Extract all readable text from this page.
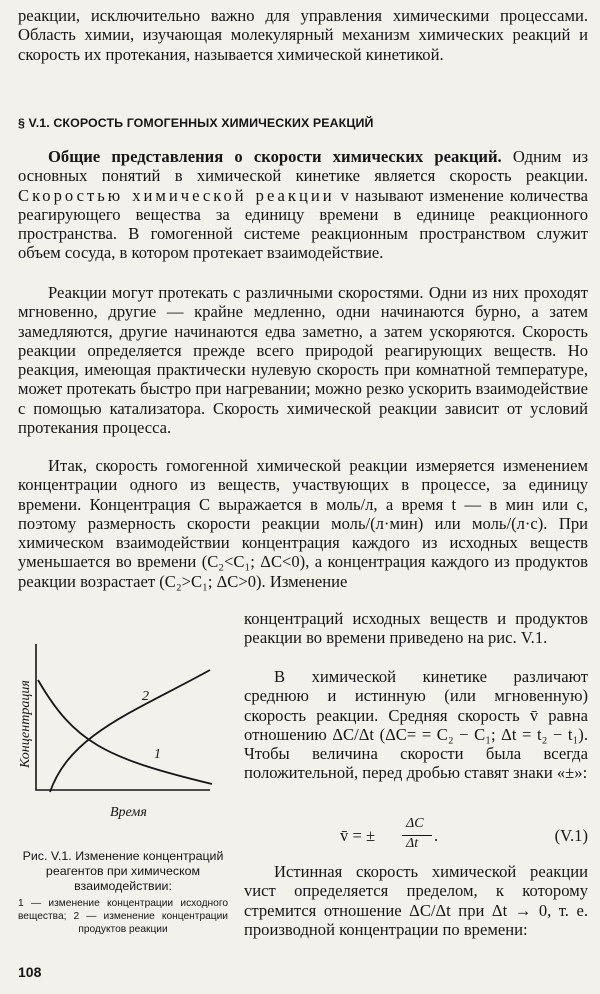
реакции, исключительно важно для управления химическими процессами. Область химии, изучающая молекулярный механизм химических реакций и скорость их протекания, называется химической кинетикой.

§ V.1. СКОРОСТЬ ГОМОГЕННЫХ ХИМИЧЕСКИХ РЕАКЦИЙ

Общие представления о скорости химических реакций. Одним из основных понятий в химической кинетике является скорость реакции. Скоростью химической реакции v называют изменение количества реагирующего вещества за единицу времени в единице реакционного пространства. В гомогенной системе реакционным пространством служит объем сосуда, в котором протекает взаимодействие.

Реакции могут протекать с различными скоростями. Одни из них проходят мгновенно, другие — крайне медленно, одни начинаются бурно, а затем замедляются, другие начинаются едва заметно, а затем ускоряются. Скорость реакции определяется прежде всего природой реагирующих веществ. Но реакция, имеющая практически нулевую скорость при комнатной температуре, может протекать быстро при нагревании; можно резко ускорить взаимодействие с помощью катализатора. Скорость химической реакции зависит от условий протекания процесса.

Итак, скорость гомогенной химической реакции измеряется изменением концентрации одного из веществ, участвующих в процессе, за единицу времени. Концентрация C выражается в моль/л, а время t — в мин или с, поэтому размерность скорости реакции моль/(л·мин) или моль/(л·с). При химическом взаимодействии концентрация каждого из исходных веществ уменьшается во времени (C₂<C₁; ΔC<0), а концентрация каждого из продуктов реакции возрастает (C₂>C₁; ΔC>0). Изменение

1
2
Концентрация
Время

Рис. V.1. Изменение концентраций реагентов при химическом взаимодействии:

1 — изменение концентрации исходного вещества; 2 — изменение концентрации продуктов реакции

концентраций исходных веществ и продуктов реакции во времени приведено на рис. V.1.

В химической кинетике различают среднюю и истинную (или мгновенную) скорость реакции. Средняя скорость v̄ равна отношению ΔC/Δt (ΔC= = C₂ − C₁; Δt = t₂ − t₁). Чтобы величина скорости была всегда положительной, перед дробью ставят знаки «±»:

v̄ = ±
ΔC
Δt .	(V.1)

Истинная скорость химической реакции vист определяется пределом, к которому стремится отношение ΔC/Δt при Δt → 0, т. е. производной концентрации по времени:

108
